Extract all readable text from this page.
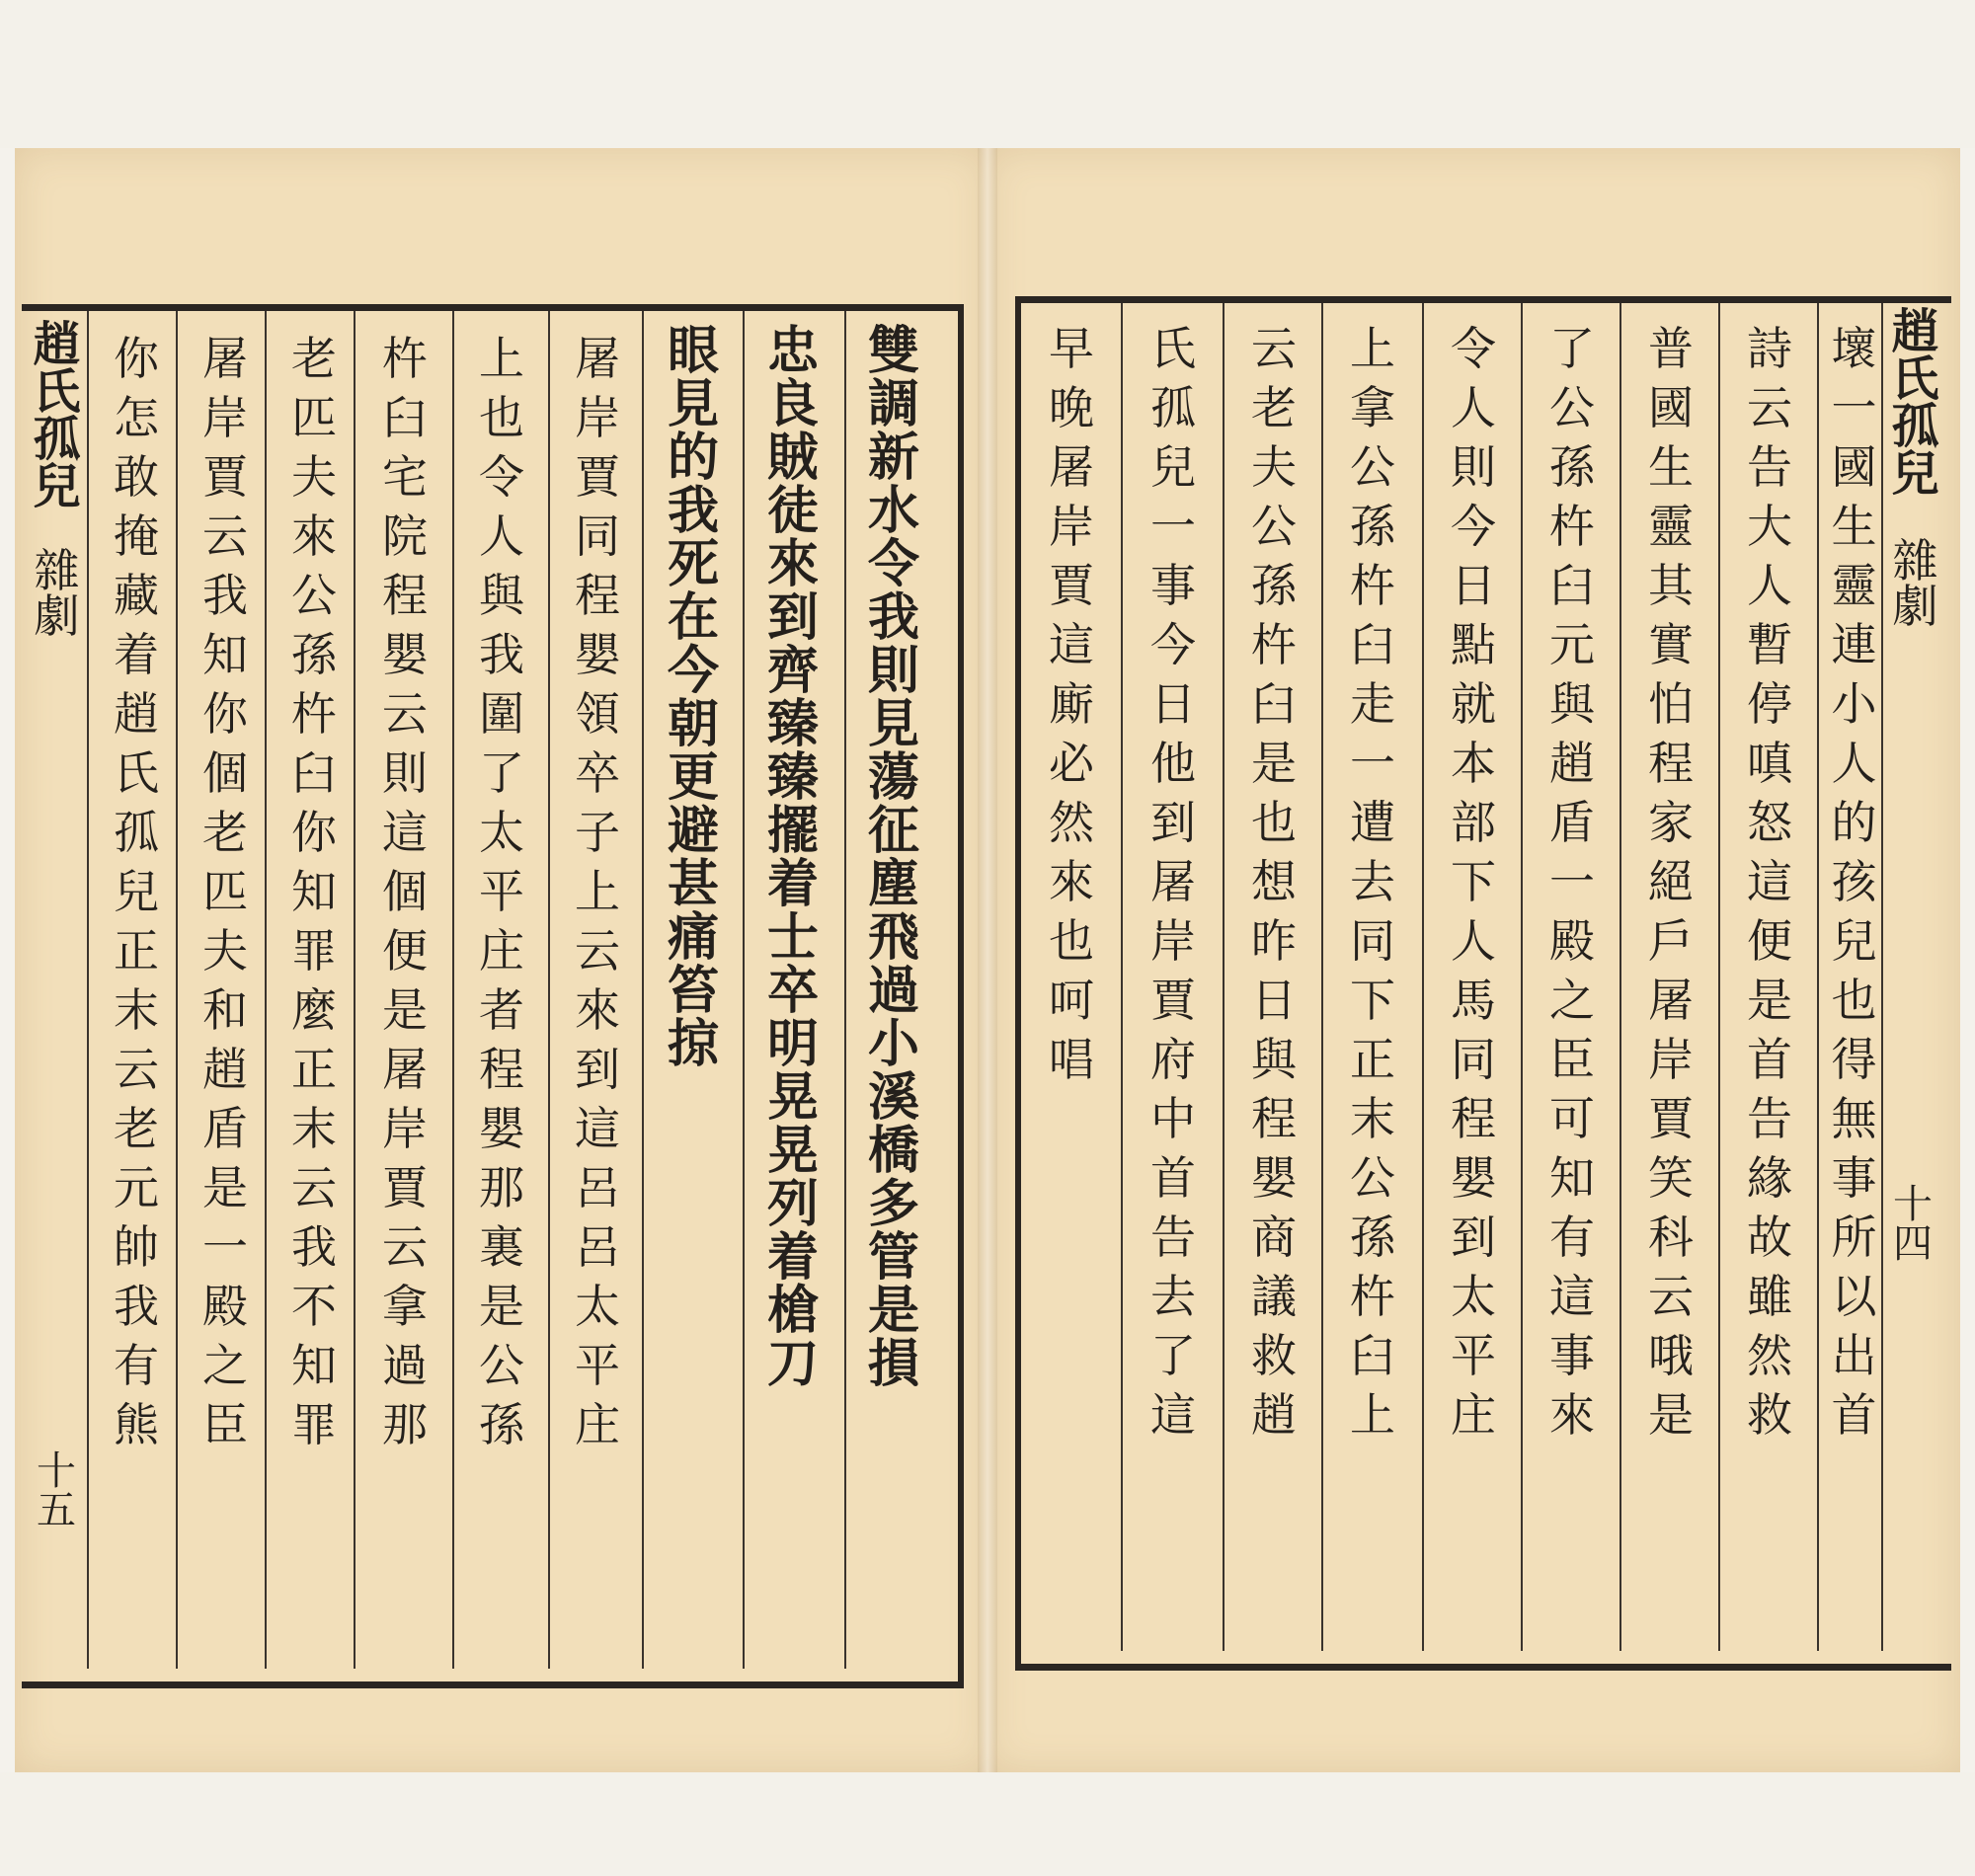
趙
氏
孤
兒
雜
劇
十
五
趙
氏
孤
兒
雜
劇
十
四
雙
調
新
水
令
我
則
見
蕩
征
塵
飛
過
小
溪
橋
多
管
是
損
忠
良
賊
徒
來
到
齊
臻
臻
擺
着
士
卒
明
晃
晃
列
着
槍
刀
眼
見
的
我
死
在
今
朝
更
避
甚
痛
笞
掠
屠
岸
賈
同
程
嬰
領
卒
子
上
云
來
到
這
呂
呂
太
平
庄
上
也
令
人
與
我
圍
了
太
平
庄
者
程
嬰
那
裏
是
公
孫
杵
臼
宅
院
程
嬰
云
則
這
個
便
是
屠
岸
賈
云
拿
過
那
老
匹
夫
來
公
孫
杵
臼
你
知
罪
麼
正
末
云
我
不
知
罪
屠
岸
賈
云
我
知
你
個
老
匹
夫
和
趙
盾
是
一
殿
之
臣
你
怎
敢
掩
藏
着
趙
氏
孤
兒
正
末
云
老
元
帥
我
有
熊
壞
一
國
生
靈
連
小
人
的
孩
兒
也
得
無
事
所
以
出
首
詩
云
告
大
人
暫
停
嗔
怒
這
便
是
首
告
緣
故
雖
然
救
普
國
生
靈
其
實
怕
程
家
絕
戶
屠
岸
賈
笑
科
云
哦
是
了
公
孫
杵
臼
元
與
趙
盾
一
殿
之
臣
可
知
有
這
事
來
令
人
則
今
日
點
就
本
部
下
人
馬
同
程
嬰
到
太
平
庄
上
拿
公
孫
杵
臼
走
一
遭
去
同
下
正
末
公
孫
杵
臼
上
云
老
夫
公
孫
杵
臼
是
也
想
昨
日
與
程
嬰
商
議
救
趙
氏
孤
兒
一
事
今
日
他
到
屠
岸
賈
府
中
首
告
去
了
這
早
晚
屠
岸
賈
這
廝
必
然
來
也
呵
唱
